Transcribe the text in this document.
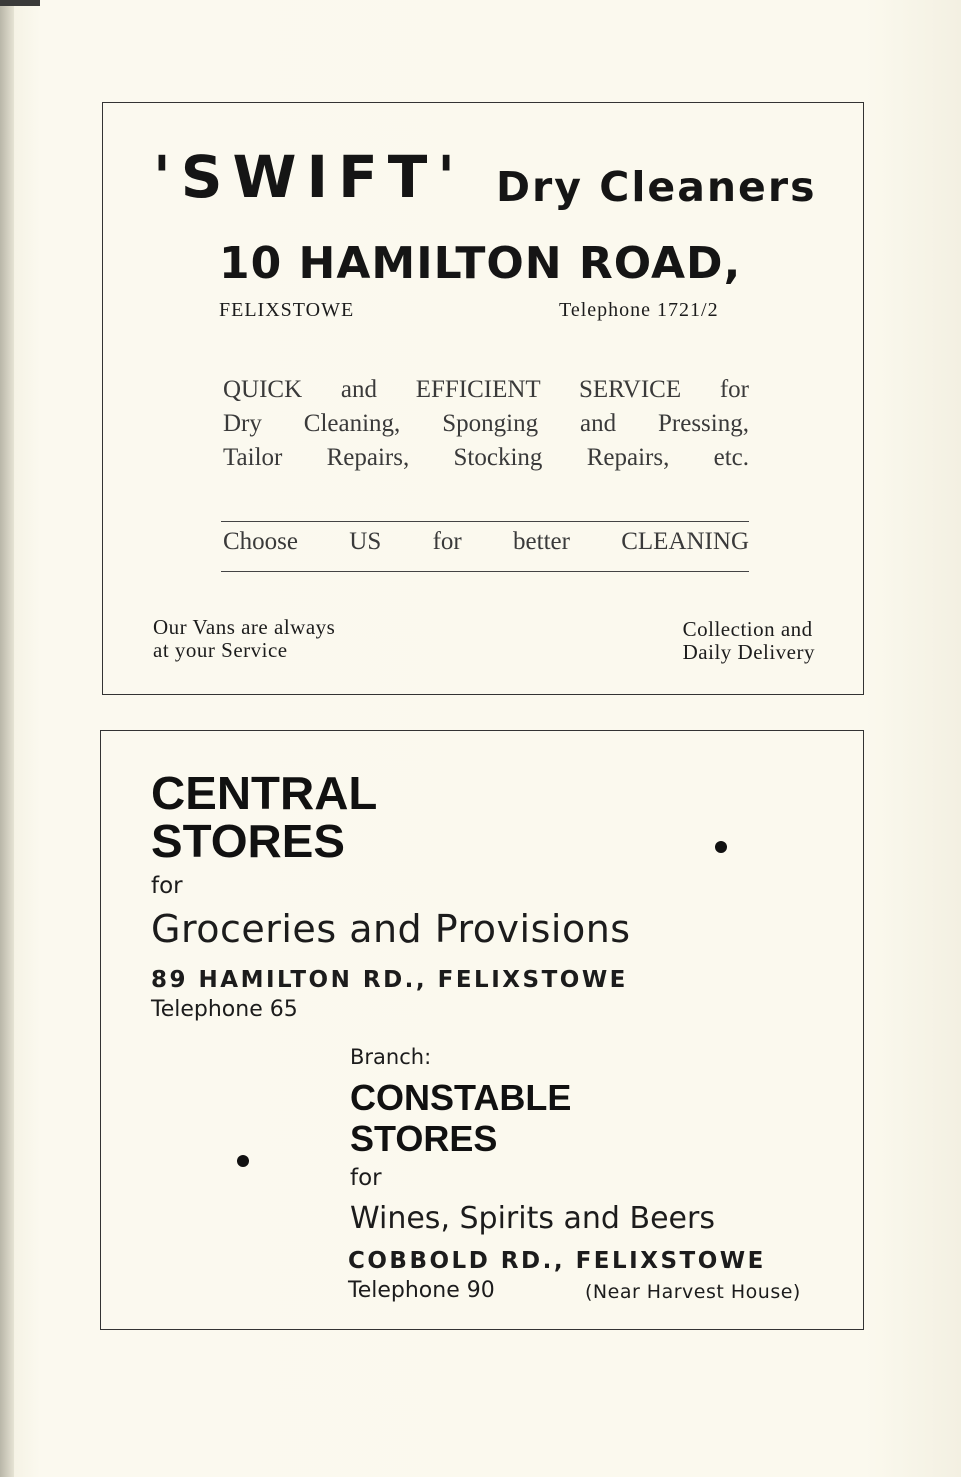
'SWIFT' Dry Cleaners
10 HAMILTON ROAD,
FELIXSTOWE	Telephone 1721/2
QUICK and EFFICIENT SERVICE for
Dry Cleaning, Sponging and Pressing,
Tailor Repairs, Stocking Repairs, etc.
Choose US for better CLEANING
Our Vans are always
at your Service
Collection and
Daily Delivery
CENTRAL
STORES
for
Groceries and Provisions
89 HAMILTON RD., FELIXSTOWE
Telephone 65
Branch:
CONSTABLE
STORES
for
Wines, Spirits and Beers
COBBOLD RD., FELIXSTOWE
Telephone 90	(Near Harvest House)
